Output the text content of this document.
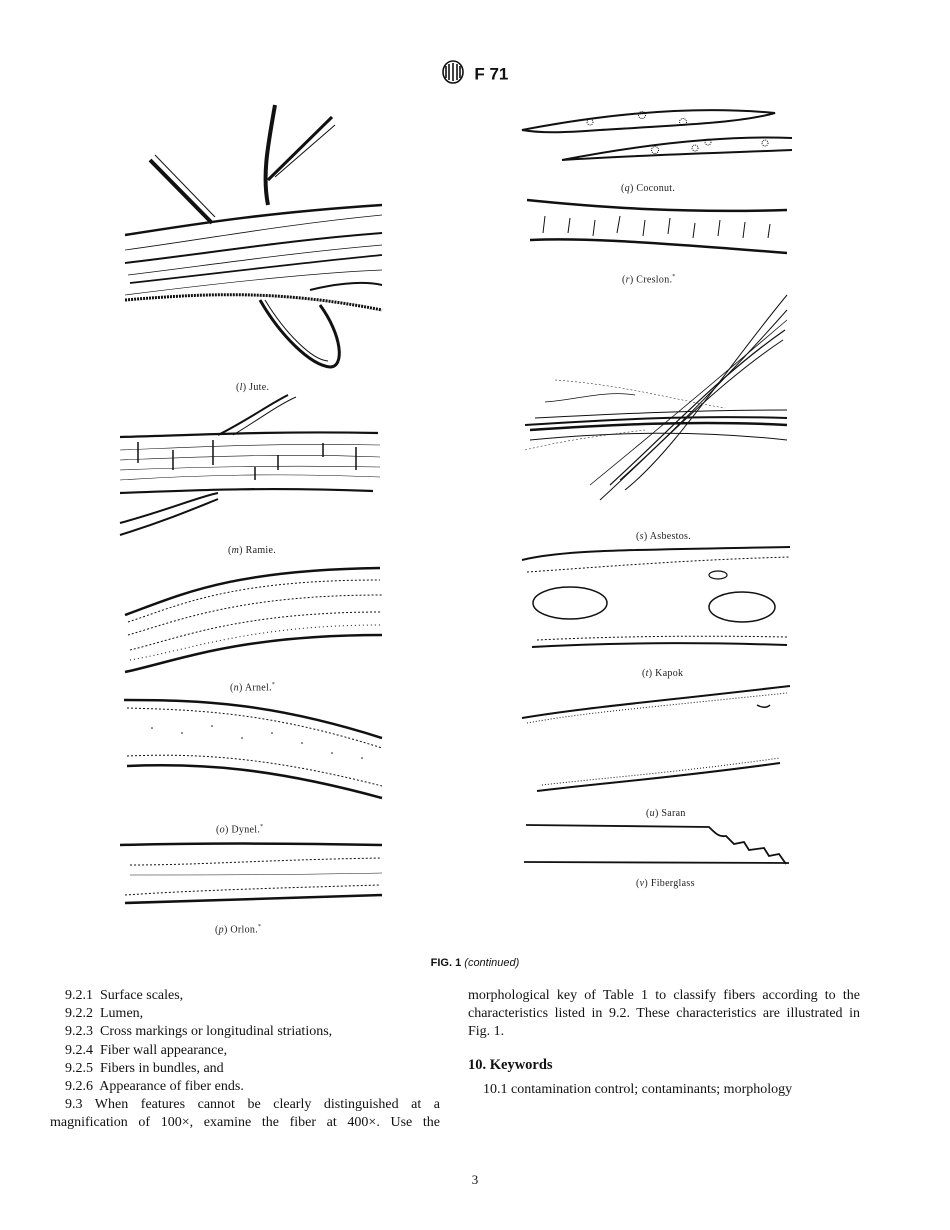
F 71
(l) Jute.
(m) Ramie.
(n) Arnel.*
(o) Dynel.*
(p) Orlon.*
(q) Coconut.
(r) Creslon.*
(s) Asbestos.
(t) Kapok
(u) Saran
(v) Fiberglass
FIG. 1 (continued)

9.2.1 Surface scales,

9.2.2 Lumen,

9.2.3 Cross markings or longitudinal striations,

9.2.4 Fiber wall appearance,

9.2.5 Fibers in bundles, and

9.2.6 Appearance of fiber ends.

9.3 When features cannot be clearly distinguished at a magnification of 100×, examine the fiber at 400×. Use the

morphological key of Table 1 to classify fibers according to the characteristics listed in 9.2. These characteristics are illustrated in Fig. 1.

10. Keywords

10.1 contamination control; contaminants; morphology

3
